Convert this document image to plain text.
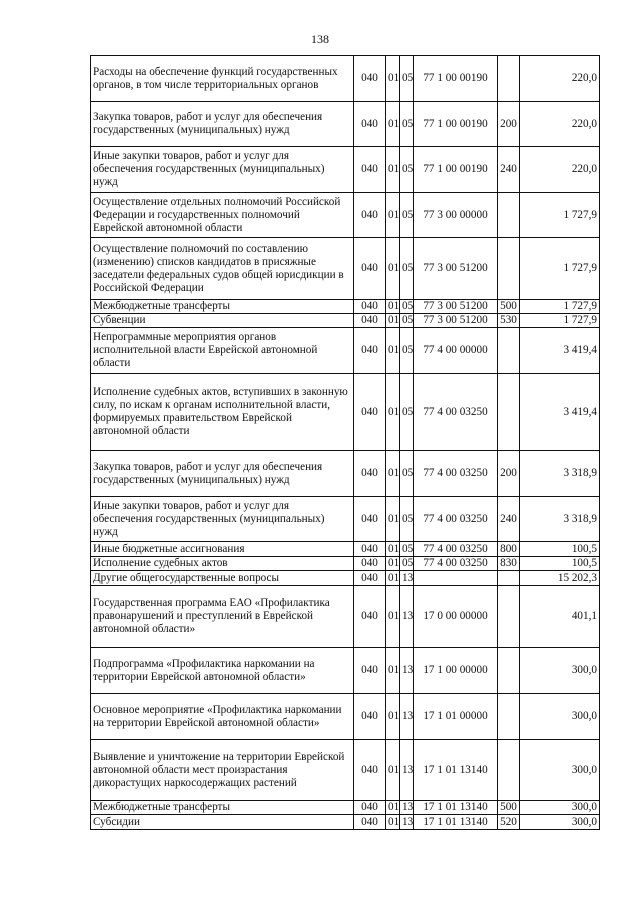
138
Расходы на обеспечение функций государственных органов, в том числе территориальных органов	040	01	05	77 1 00 00190		220,0
Закупка товаров, работ и услуг для обеспечения государственных (муниципальных) нужд	040	01	05	77 1 00 00190	200	220,0
Иные закупки товаров, работ и услуг для обеспечения государственных (муниципальных) нужд	040	01	05	77 1 00 00190	240	220,0
Осуществление отдельных полномочий Российской Федерации и государственных полномочий Еврейской автономной области	040	01	05	77 3 00 00000		1 727,9
Осуществление полномочий по составлению (изменению) списков кандидатов в присяжные заседатели федеральных судов общей юрисдикции в Российской Федерации	040	01	05	77 3 00 51200		1 727,9
Межбюджетные трансферты	040	01	05	77 3 00 51200	500	1 727,9
Субвенции	040	01	05	77 3 00 51200	530	1 727,9
Непрограммные мероприятия органов исполнительной власти Еврейской автономной области	040	01	05	77 4 00 00000		3 419,4
Исполнение судебных актов, вступивших в законную силу, по искам к органам исполнительной власти, формируемых правительством Еврейской автономной области	040	01	05	77 4 00 03250		3 419,4
Закупка товаров, работ и услуг для обеспечения государственных (муниципальных) нужд	040	01	05	77 4 00 03250	200	3 318,9
Иные закупки товаров, работ и услуг для обеспечения государственных (муниципальных) нужд	040	01	05	77 4 00 03250	240	3 318,9
Иные бюджетные ассигнования	040	01	05	77 4 00 03250	800	100,5
Исполнение судебных актов	040	01	05	77 4 00 03250	830	100,5
Другие общегосударственные вопросы	040	01	13			15 202,3
Государственная программа ЕАО «Профилактика правонарушений и преступлений в Еврейской автономной области»	040	01	13	17 0 00 00000		401,1
Подпрограмма «Профилактика наркомании на территории Еврейской автономной области»	040	01	13	17 1 00 00000		300,0
Основное мероприятие «Профилактика наркомании на территории Еврейской автономной области»	040	01	13	17 1 01 00000		300,0
Выявление и уничтожение на территории Еврейской автономной области мест произрастания дикорастущих наркосодержащих растений	040	01	13	17 1 01 13140		300,0
Межбюджетные трансферты	040	01	13	17 1 01 13140	500	300,0
Субсидии	040	01	13	17 1 01 13140	520	300,0
